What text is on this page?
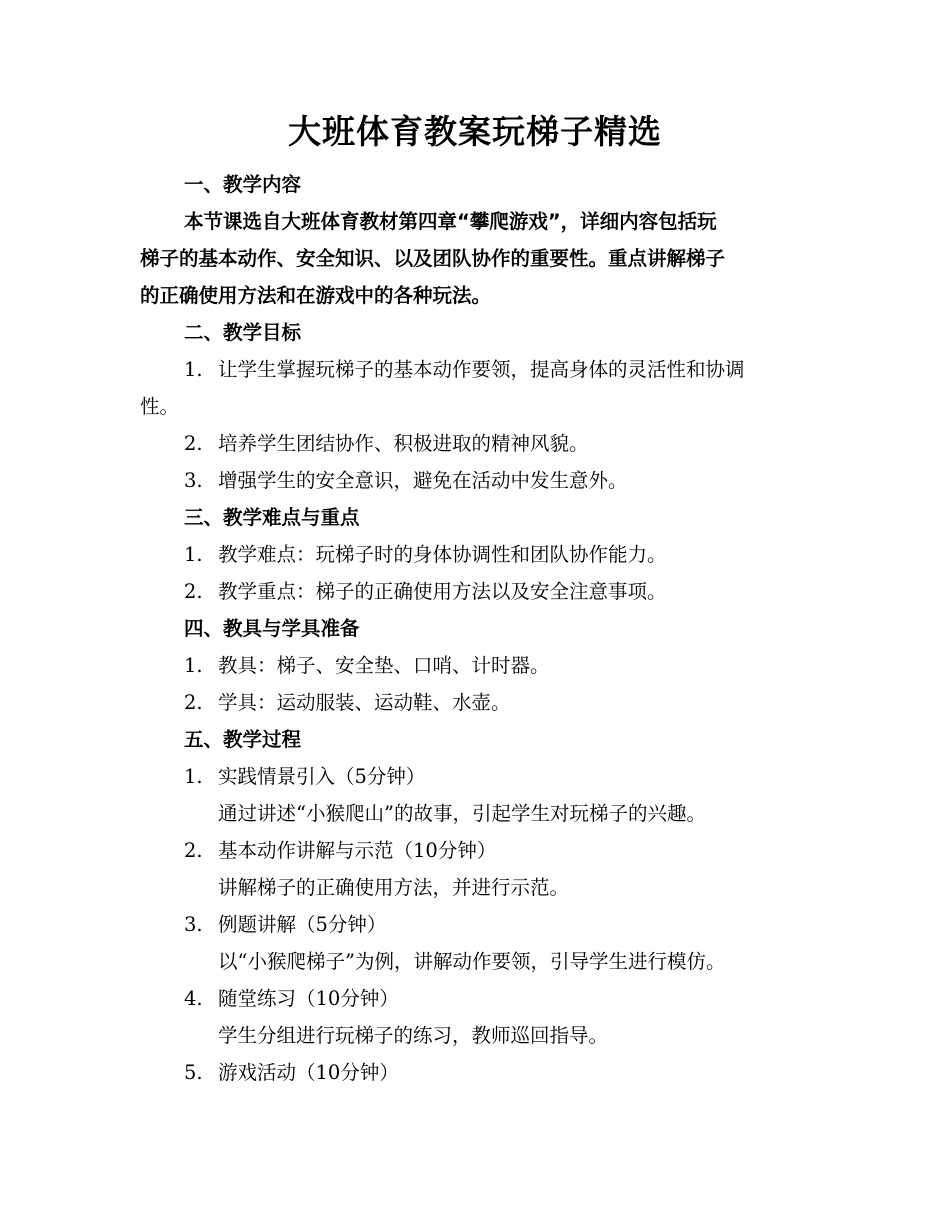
大班体育教案玩梯子精选
一、教学内容
本节课选自大班体育教材第四章“攀爬游戏”，详细内容包括玩
梯子的基本动作、安全知识、以及团队协作的重要性。重点讲解梯子
的正确使用方法和在游戏中的各种玩法。
二、教学目标
1. 让学生掌握玩梯子的基本动作要领，提高身体的灵活性和协调
性。
2. 培养学生团结协作、积极进取的精神风貌。
3. 增强学生的安全意识，避免在活动中发生意外。
三、教学难点与重点
1. 教学难点：玩梯子时的身体协调性和团队协作能力。
2. 教学重点：梯子的正确使用方法以及安全注意事项。
四、教具与学具准备
1. 教具：梯子、安全垫、口哨、计时器。
2. 学具：运动服装、运动鞋、水壶。
五、教学过程
1. 实践情景引入（5分钟）
通过讲述“小猴爬山”的故事，引起学生对玩梯子的兴趣。
2. 基本动作讲解与示范（10分钟）
讲解梯子的正确使用方法，并进行示范。
3. 例题讲解（5分钟）
以“小猴爬梯子”为例，讲解动作要领，引导学生进行模仿。
4. 随堂练习（10分钟）
学生分组进行玩梯子的练习，教师巡回指导。
5. 游戏活动（10分钟）
